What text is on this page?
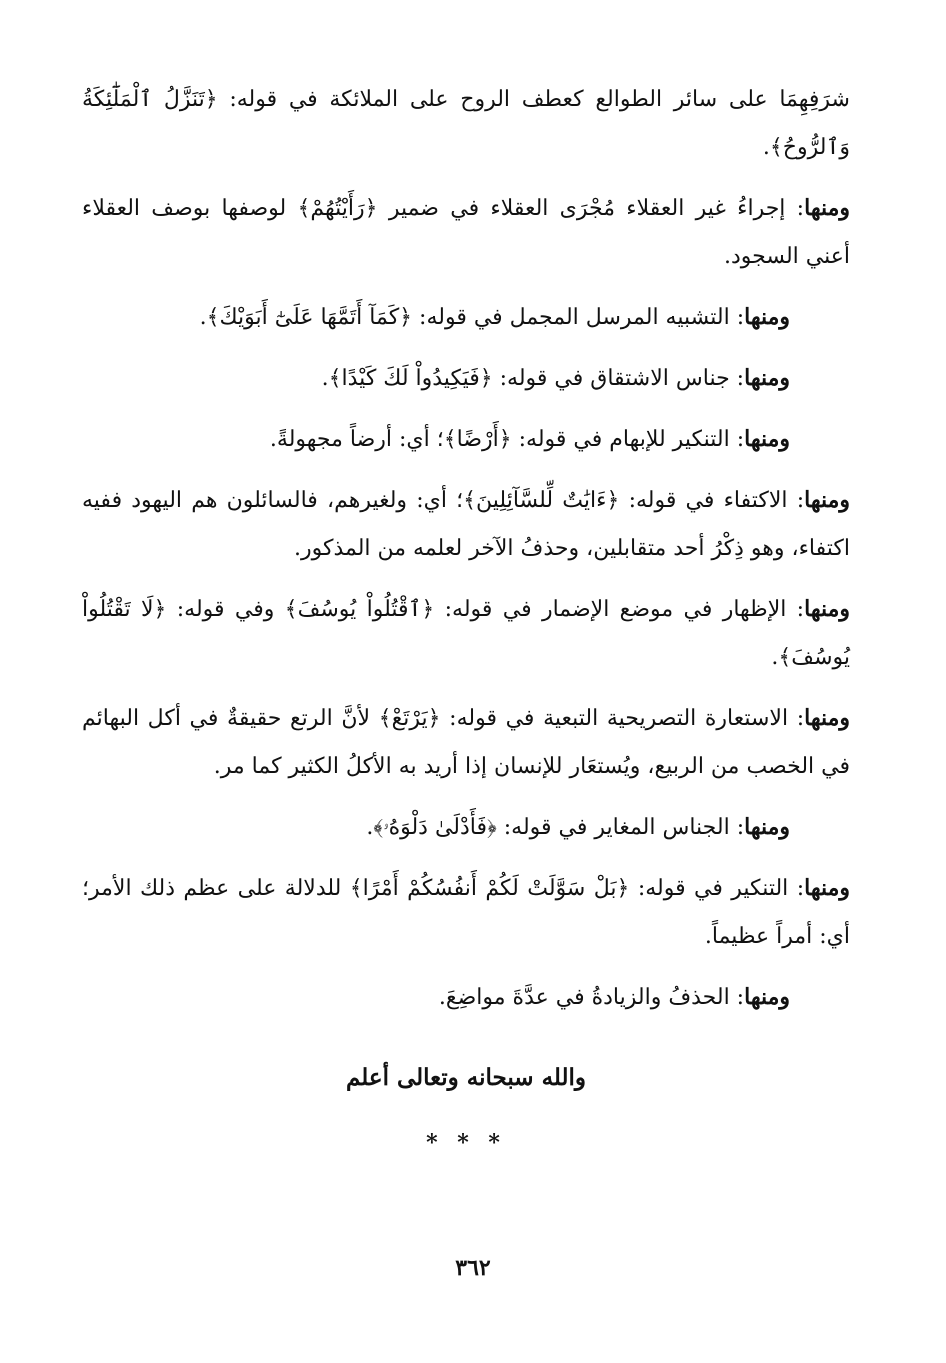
شرَفِهِمَا على سائر الطوالع كعطف الروح على الملائكة في قوله: ﴿تَنَزَّلُ ٱلْمَلَٰٓئِكَةُ وَٱلرُّوحُ﴾.

ومنها: إجراءُ غير العقلاء مُجْرَى العقلاء في ضمير ﴿رَأَيْتُهُمْ﴾ لوصفها بوصف العقلاء أعني السجود.

ومنها: التشبيه المرسل المجمل في قوله: ﴿كَمَآ أَتَمَّهَا عَلَىٰٓ أَبَوَيْكَ﴾.

ومنها: جناس الاشتقاق في قوله: ﴿فَيَكِيدُواْ لَكَ كَيْدًا﴾.

ومنها: التنكير للإبهام في قوله: ﴿أَرْضًا﴾؛ أي: أرضاً مجهولةً.

ومنها: الاكتفاء في قوله: ﴿ءَايَٰتٌ لِّلسَّآئِلِينَ﴾؛ أي: ولغيرهم، فالسائلون هم اليهود ففيه اكتفاء، وهو ذِكْرُ أحد متقابلين، وحذفُ الآخر لعلمه من المذكور.

ومنها: الإظهار في موضع الإضمار في قوله: ﴿ٱقْتُلُواْ يُوسُفَ﴾ وفي قوله: ﴿لَا تَقْتُلُواْ يُوسُفَ﴾.

ومنها: الاستعارة التصريحية التبعية في قوله: ﴿يَرْتَعْ﴾ لأنَّ الرتع حقيقةٌ في أكل البهائم في الخصب من الربيع، ويُستعَار للإنسان إذا أريد به الأكلُ الكثير كما مر.

ومنها: الجناس المغاير في قوله: ﴿فَأَدْلَىٰ دَلْوَهُۥ﴾.

ومنها: التنكير في قوله: ﴿بَلْ سَوَّلَتْ لَكُمْ أَنفُسُكُمْ أَمْرًا﴾ للدلالة على عظم ذلك الأمر؛ أي: أمراً عظيماً.

ومنها: الحذفُ والزيادةُ في عدَّةَ مواضِعَ.

والله سبحانه وتعالى أعلم
* * *
٣٦٢
